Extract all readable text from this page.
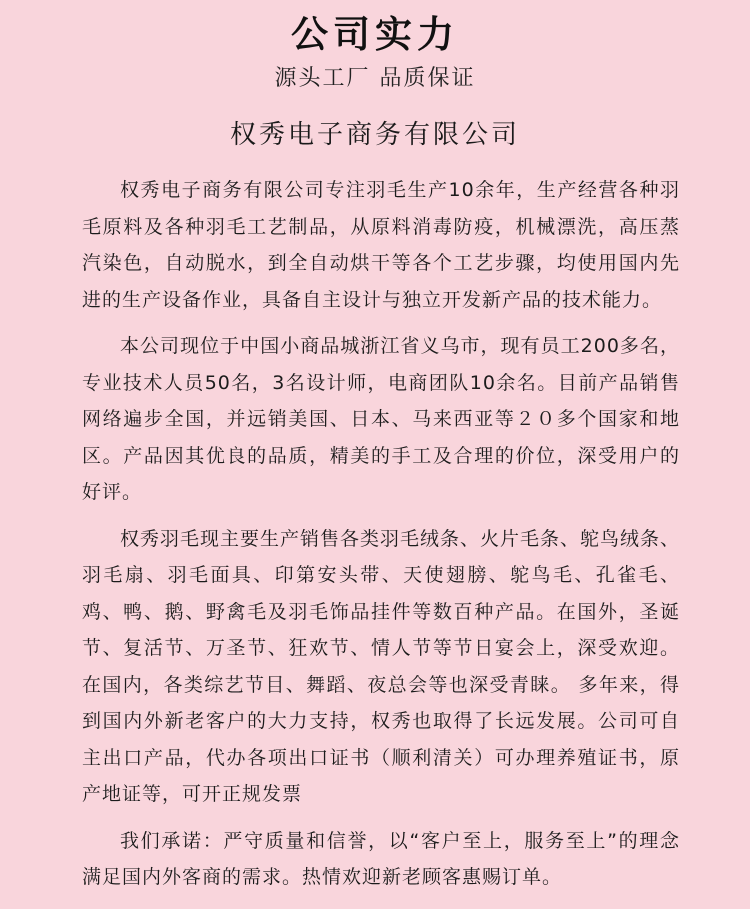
公司实力
源头工厂 品质保证
权秀电子商务有限公司

权秀电子商务有限公司专注羽毛生产10余年，生产经营各种羽毛原料及各种羽毛工艺制品，从原料消毒防疫，机械漂洗，高压蒸汽染色，自动脱水，到全自动烘干等各个工艺步骤，均使用国内先进的生产设备作业，具备自主设计与独立开发新产品的技术能力。

本公司现位于中国小商品城浙江省义乌市，现有员工200多名，专业技术人员50名，3名设计师，电商团队10余名。目前产品销售网络遍步全国，并远销美国、日本、马来西亚等２０多个国家和地区。产品因其优良的品质，精美的手工及合理的价位，深受用户的好评。

权秀羽毛现主要生产销售各类羽毛绒条、火片毛条、鸵鸟绒条、羽毛扇、羽毛面具、印第安头带、天使翅膀、鸵鸟毛、孔雀毛、鸡、鸭、鹅、野禽毛及羽毛饰品挂件等数百种产品。在国外，圣诞节、复活节、万圣节、狂欢节、情人节等节日宴会上，深受欢迎。在国内，各类综艺节目、舞蹈、夜总会等也深受青睐。 多年来，得到国内外新老客户的大力支持，权秀也取得了长远发展。公司可自主出口产品，代办各项出口证书（顺利清关）可办理养殖证书，原产地证等，可开正规发票

我们承诺：严守质量和信誉，以“客户至上，服务至上”的理念满足国内外客商的需求。热情欢迎新老顾客惠赐订单。
